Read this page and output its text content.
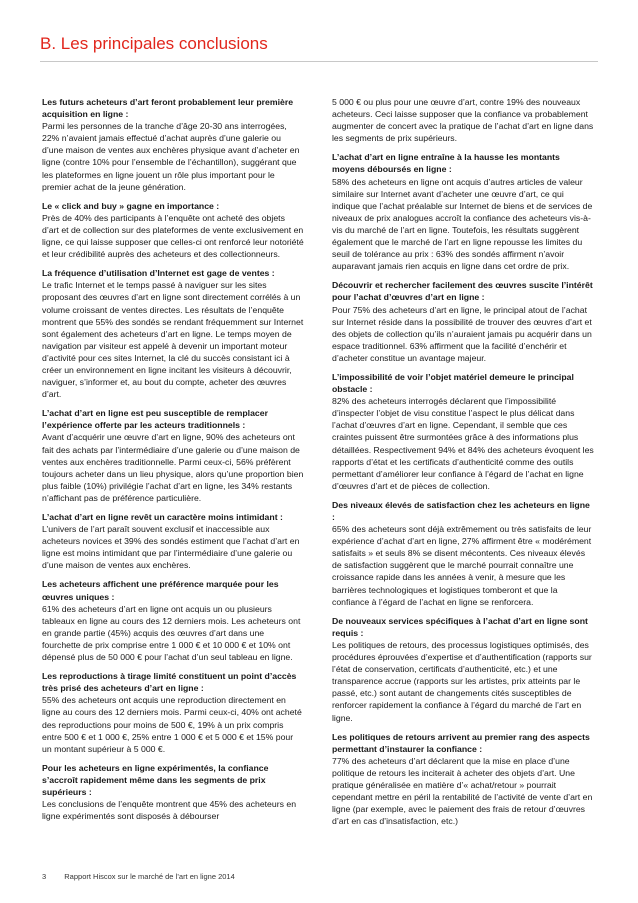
B. Les principales conclusions
Les futurs acheteurs d’art feront probablement leur première acquisition en ligne :
Parmi les personnes de la tranche d’âge 20-30 ans interrogées, 22% n’avaient jamais effectué d’achat auprès d’une galerie ou d’une maison de ventes aux enchères physique avant d’acheter en ligne (contre 10% pour l’ensemble de l’échantillon), suggérant que les plateformes en ligne jouent un rôle plus important pour le premier achat de la jeune génération.
Le « click and buy » gagne en importance :
Près de 40% des participants à l’enquête ont acheté des objets d’art et de collection sur des plateformes de vente exclusivement en ligne, ce qui laisse supposer que celles-ci ont renforcé leur notoriété et leur crédibilité auprès des acheteurs et des collectionneurs.
La fréquence d’utilisation d’Internet est gage de ventes :
Le trafic Internet et le temps passé à naviguer sur les sites proposant des œuvres d’art en ligne sont directement corrélés à un volume croissant de ventes directes. Les résultats de l’enquête montrent que 55% des sondés se rendant fréquemment sur Internet sont également des acheteurs d’art en ligne. Le temps moyen de navigation par visiteur est appelé à devenir un important moteur d’activité pour ces sites Internet, la clé du succès consistant ici à créer un environnement en ligne incitant les visiteurs à découvrir, naviguer, s’informer et, au bout du compte, acheter des œuvres d’art.
L’achat d’art en ligne est peu susceptible de remplacer l’expérience offerte par les acteurs traditionnels :
Avant d’acquérir une œuvre d’art en ligne, 90% des acheteurs ont fait des achats par l’intermédiaire d’une galerie ou d’une maison de ventes aux enchères traditionnelle. Parmi ceux-ci, 56% préfèrent toujours acheter dans un lieu physique, alors qu’une proportion bien plus faible (10%) privilégie l’achat d’art en ligne, les 34% restants n’affichant pas de préférence particulière.
L’achat d’art en ligne revêt un caractère moins intimidant :
L’univers de l’art paraît souvent exclusif et inaccessible aux acheteurs novices et 39% des sondés estiment que l’achat d’art en ligne est moins intimidant que par l’intermédiaire d’une galerie ou d’une maison de ventes aux enchères.
Les acheteurs affichent une préférence marquée pour les œuvres uniques :
61% des acheteurs d’art en ligne ont acquis un ou plusieurs tableaux en ligne au cours des 12 derniers mois. Les acheteurs ont en grande partie (45%) acquis des œuvres d’art dans une fourchette de prix comprise entre 1 000 € et 10 000 € et 10% ont dépensé plus de 50 000 € pour l’achat d’un seul tableau en ligne.
Les reproductions à tirage limité constituent un point d’accès très prisé des acheteurs d’art en ligne :
55% des acheteurs ont acquis une reproduction directement en ligne au cours des 12 derniers mois. Parmi ceux-ci, 40% ont acheté des reproductions pour moins de 500 €, 19% à un prix compris entre 500 € et 1 000 €, 25% entre 1 000 € et 5 000 € et 15% pour un montant supérieur à 5 000 €.
Pour les acheteurs en ligne expérimentés, la confiance s’accroît rapidement même dans les segments de prix supérieurs :
Les conclusions de l’enquête montrent que 45% des acheteurs en ligne expérimentés sont disposés à débourser
5 000 € ou plus pour une œuvre d’art, contre 19% des nouveaux acheteurs. Ceci laisse supposer que la confiance va probablement augmenter de concert avec la pratique de l’achat d’art en ligne dans les segments de prix supérieurs.
L’achat d’art en ligne entraîne à la hausse les montants moyens déboursés en ligne :
58% des acheteurs en ligne ont acquis d’autres articles de valeur similaire sur Internet avant d’acheter une œuvre d’art, ce qui indique que l’achat préalable sur Internet de biens et de services de niveaux de prix analogues accroît la confiance des acheteurs vis-à-vis du marché de l’art en ligne. Toutefois, les résultats suggèrent également que le marché de l’art en ligne repousse les limites du seuil de tolérance au prix : 63% des sondés affirment n’avoir auparavant jamais rien acquis en ligne dans cet ordre de prix.
Découvrir et rechercher facilement des œuvres suscite l’intérêt pour l’achat d’œuvres d’art en ligne :
Pour 75% des acheteurs d’art en ligne, le principal atout de l’achat sur Internet réside dans la possibilité de trouver des œuvres d’art et des objets de collection qu’ils n’auraient jamais pu acquérir dans un espace traditionnel. 63% affirment que la facilité d’enchérir et d’acheter constitue un avantage majeur.
L’impossibilité de voir l’objet matériel demeure le principal obstacle :
82% des acheteurs interrogés déclarent que l’impossibilité d’inspecter l’objet de visu constitue l’aspect le plus délicat dans l’achat d’œuvres d’art en ligne. Cependant, il semble que ces craintes puissent être surmontées grâce à des informations plus détaillées. Respectivement 94% et 84% des acheteurs évoquent les rapports d’état et les certificats d’authenticité comme des outils permettant d’améliorer leur confiance à l’égard de l’achat en ligne d’œuvres d’art et de pièces de collection.
Des niveaux élevés de satisfaction chez les acheteurs en ligne :
65% des acheteurs sont déjà extrêmement ou très satisfaits de leur expérience d’achat d’art en ligne, 27% affirment être « modérément satisfaits » et seuls 8% se disent mécontents. Ces niveaux élevés de satisfaction suggèrent que le marché pourrait connaître une croissance rapide dans les années à venir, à mesure que les barrières technologiques et logistiques tomberont et que la confiance à l’égard de l’achat en ligne se renforcera.
De nouveaux services spécifiques à l’achat d’art en ligne sont requis :
Les politiques de retours, des processus logistiques optimisés, des procédures éprouvées d’expertise et d’authentification (rapports sur l’état de conservation, certificats d’authenticité, etc.) et une transparence accrue (rapports sur les artistes, prix atteints par le passé, etc.) sont autant de changements cités susceptibles de renforcer rapidement la confiance à l’égard du marché de l’art en ligne.
Les politiques de retours arrivent au premier rang des aspects permettant d’instaurer la confiance :
77% des acheteurs d’art déclarent que la mise en place d’une politique de retours les inciterait à acheter des objets d’art. Une pratique généralisée en matière d’« achat/retour » pourrait cependant mettre en péril la rentabilité de l’activité de vente d’art en ligne (par exemple, avec le paiement des frais de retour d’œuvres d’art en cas d’insatisfaction, etc.)
3 Rapport Hiscox sur le marché de l’art en ligne 2014
